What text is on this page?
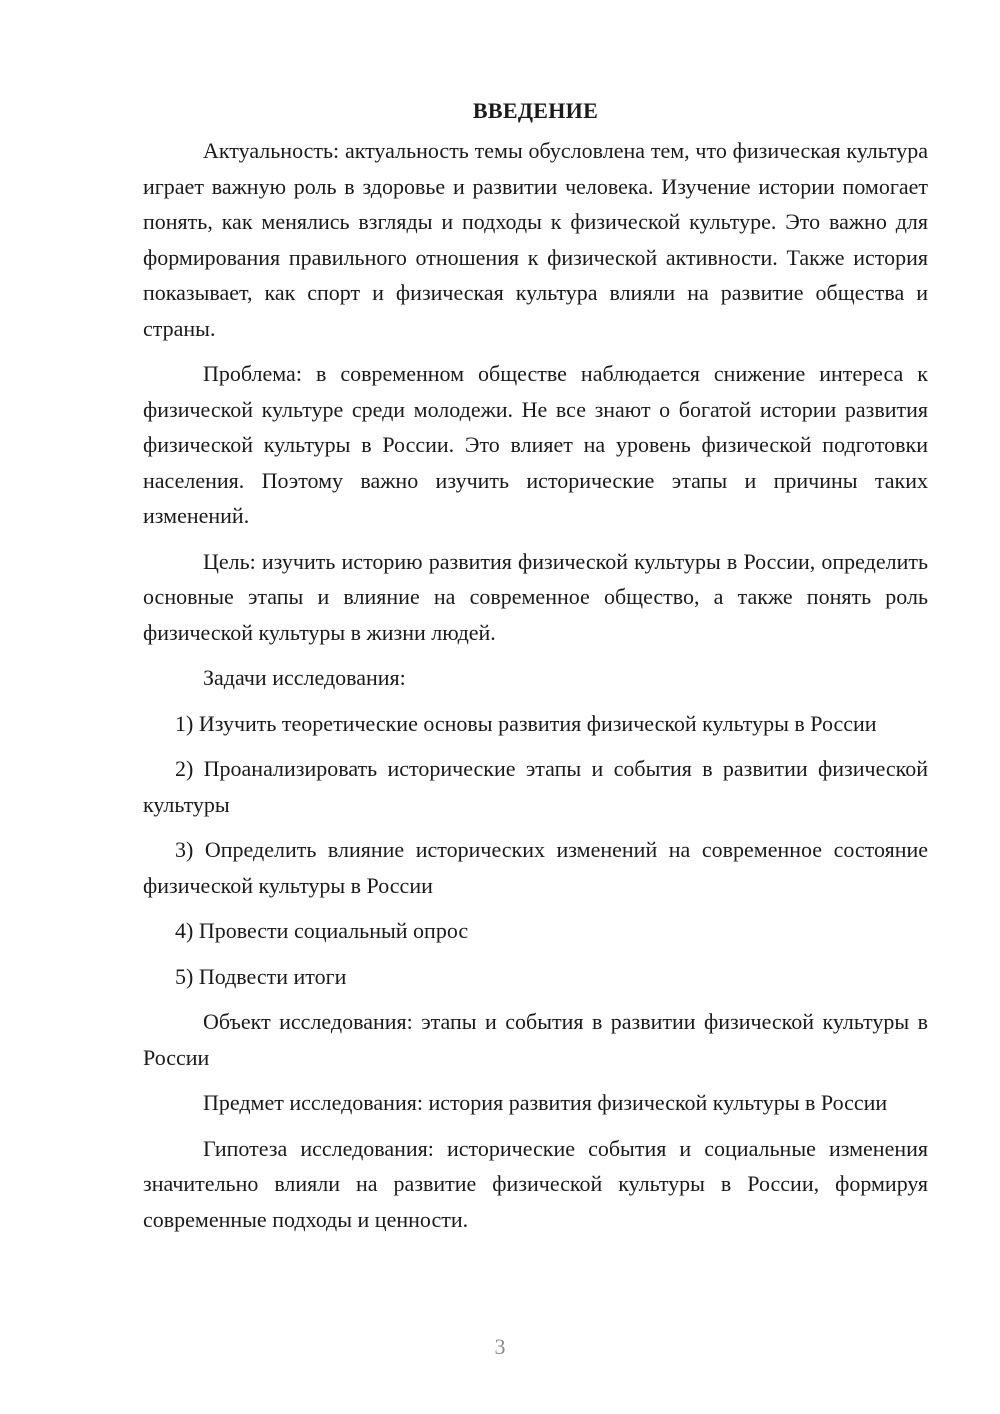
ВВЕДЕНИЕ

Актуальность: актуальность темы обусловлена тем, что физическая культура играет важную роль в здоровье и развитии человека. Изучение истории помогает понять, как менялись взгляды и подходы к физической культуре. Это важно для формирования правильного отношения к физической активности. Также история показывает, как спорт и физическая культура влияли на развитие общества и страны.

Проблема: в современном обществе наблюдается снижение интереса к физической культуре среди молодежи. Не все знают о богатой истории развития физической культуры в России. Это влияет на уровень физической подготовки населения. Поэтому важно изучить исторические этапы и причины таких изменений.

Цель: изучить историю развития физической культуры в России, определить основные этапы и влияние на современное общество, а также понять роль физической культуры в жизни людей.

Задачи исследования:

1) Изучить теоретические основы развития физической культуры в России

2) Проанализировать исторические этапы и события в развитии физической культуры

3) Определить влияние исторических изменений на современное состояние физической культуры в России

4) Провести социальный опрос

5) Подвести итоги

Объект исследования: этапы и события в развитии физической культуры в России

Предмет исследования: история развития физической культуры в России

Гипотеза исследования: исторические события и социальные изменения значительно влияли на развитие физической культуры в России, формируя современные подходы и ценности.

3
